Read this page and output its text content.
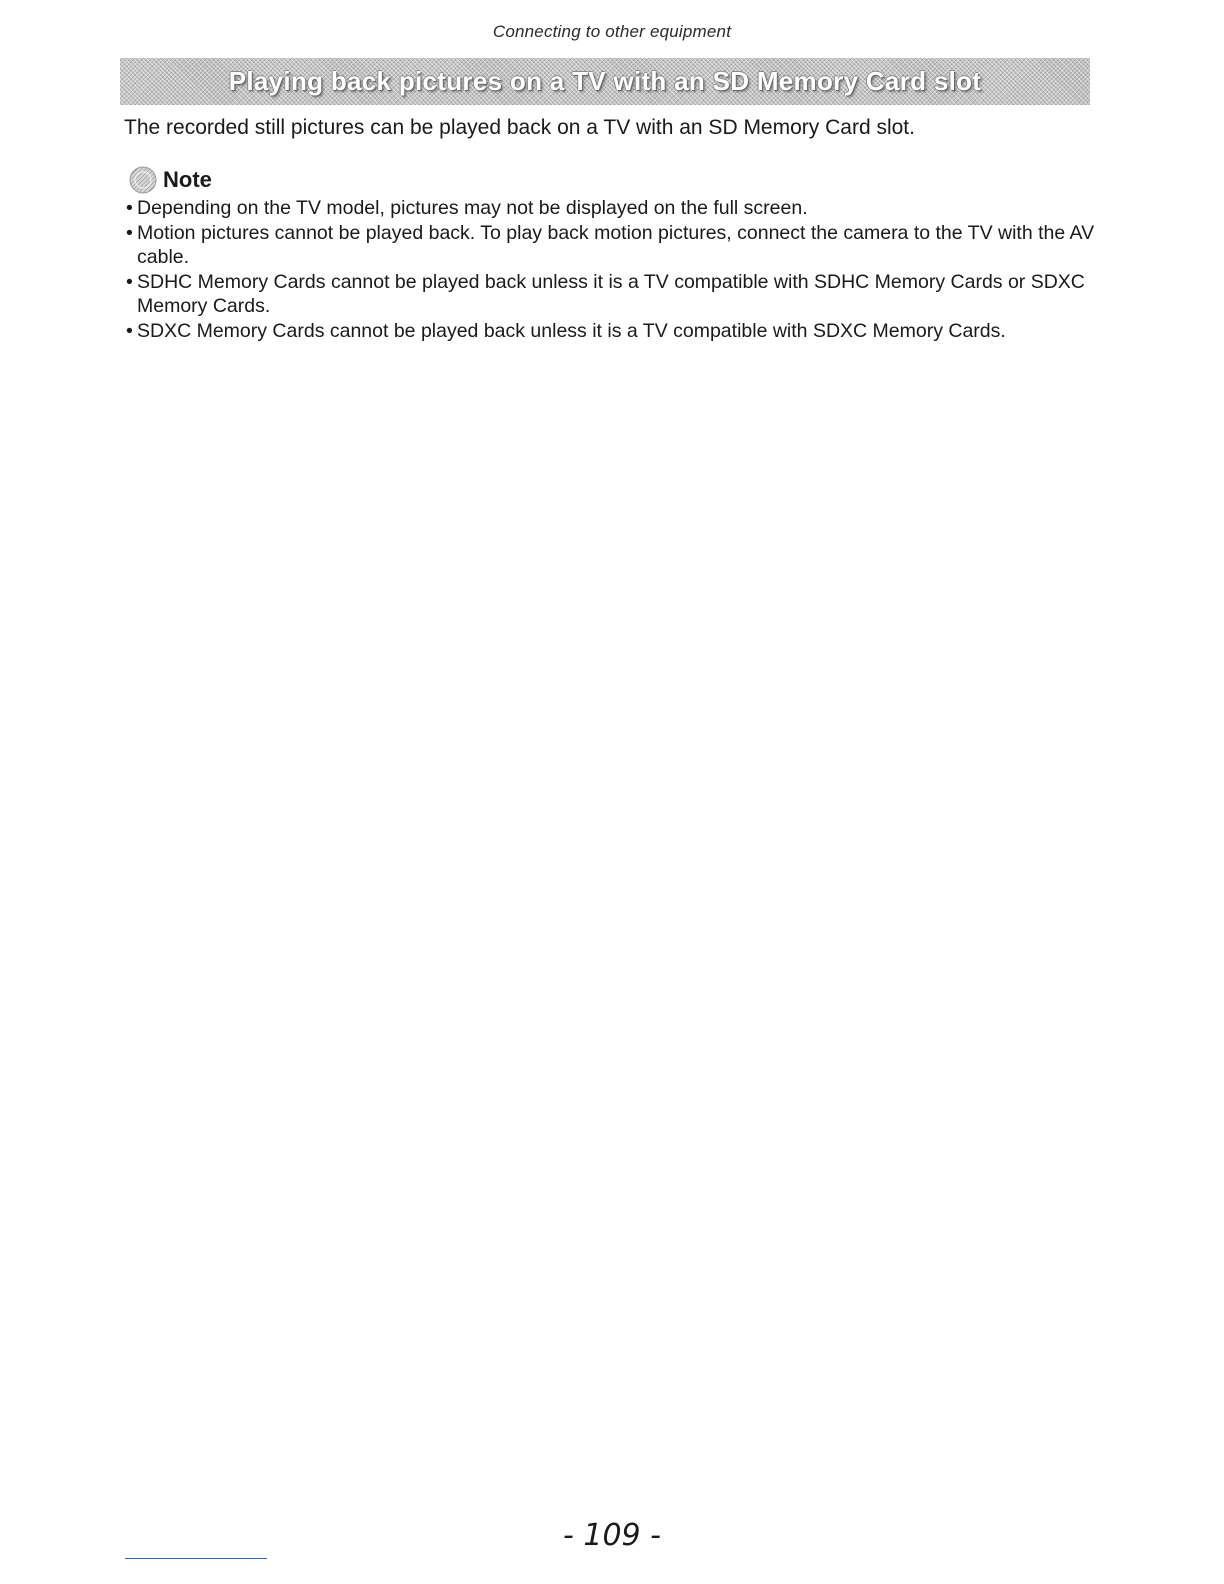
Connecting to other equipment
Playing back pictures on a TV with an SD Memory Card slot

The recorded still pictures can be played back on a TV with an SD Memory Card slot.

Note
• Depending on the TV model, pictures may not be displayed on the full screen.
• Motion pictures cannot be played back. To play back motion pictures, connect the camera to the TV with the AV cable.
• SDHC Memory Cards cannot be played back unless it is a TV compatible with SDHC Memory Cards or SDXC Memory Cards.
• SDXC Memory Cards cannot be played back unless it is a TV compatible with SDXC Memory Cards.
- 109 -
